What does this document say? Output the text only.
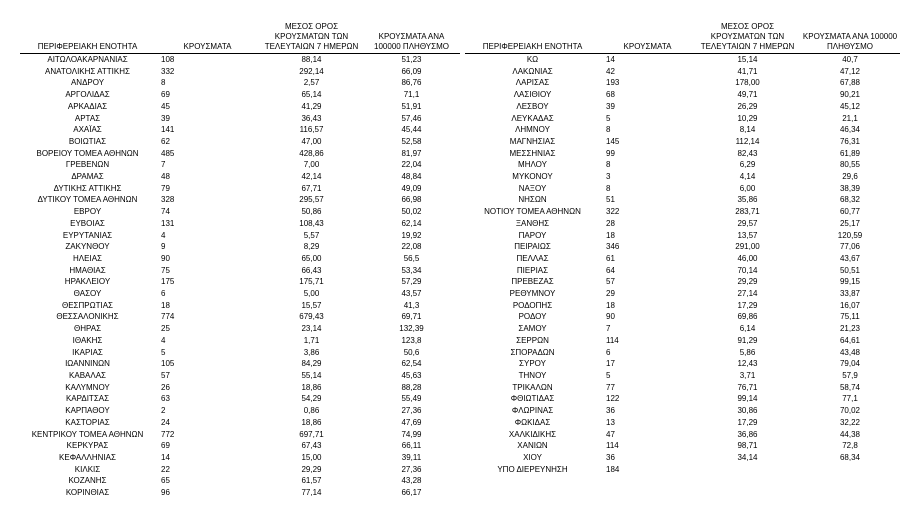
ΠΕΡΙΦΕΡΕΙΑΚΗ ΕΝΟΤΗΤΑ	ΚΡΟΥΣΜΑΤΑ	ΜΕΣΟΣ ΟΡΟΣ ΚΡΟΥΣΜΑΤΩΝ ΤΩΝ ΤΕΛΕΥΤΑΙΩΝ 7 ΗΜΕΡΩΝ	ΚΡΟΥΣΜΑΤΑ ΑΝΑ 100000 ΠΛΗΘΥΣΜΟ
ΑΙΤΩΛΟΑΚΑΡΝΑΝΙΑΣ	108	88,14	51,23
ΑΝΑΤΟΛΙΚΗΣ ΑΤΤΙΚΗΣ	332	292,14	66,09
ΑΝΔΡΟΥ	8	2,57	86,76
ΑΡΓΟΛΙΔΑΣ	69	65,14	71,1
ΑΡΚΑΔΙΑΣ	45	41,29	51,91
ΑΡΤΑΣ	39	36,43	57,46
ΑΧΑΪΑΣ	141	116,57	45,44
ΒΟΙΩΤΙΑΣ	62	47,00	52,58
ΒΟΡΕΙΟΥ ΤΟΜΕΑ ΑΘΗΝΩΝ	485	428,86	81,97
ΓΡΕΒΕΝΩΝ	7	7,00	22,04
ΔΡΑΜΑΣ	48	42,14	48,84
ΔΥΤΙΚΗΣ ΑΤΤΙΚΗΣ	79	67,71	49,09
ΔΥΤΙΚΟΥ ΤΟΜΕΑ ΑΘΗΝΩΝ	328	295,57	66,98
ΕΒΡΟΥ	74	50,86	50,02
ΕΥΒΟΙΑΣ	131	108,43	62,14
ΕΥΡΥΤΑΝΙΑΣ	4	5,57	19,92
ΖΑΚΥΝΘΟΥ	9	8,29	22,08
ΗΛΕΙΑΣ	90	65,00	56,5
ΗΜΑΘΙΑΣ	75	66,43	53,34
ΗΡΑΚΛΕΙΟΥ	175	175,71	57,29
ΘΑΣΟΥ	6	5,00	43,57
ΘΕΣΠΡΩΤΙΑΣ	18	15,57	41,3
ΘΕΣΣΑΛΟΝΙΚΗΣ	774	679,43	69,71
ΘΗΡΑΣ	25	23,14	132,39
ΙΘΑΚΗΣ	4	1,71	123,8
ΙΚΑΡΙΑΣ	5	3,86	50,6
ΙΩΑΝΝΙΝΩΝ	105	84,29	62,54
ΚΑΒΑΛΑΣ	57	55,14	45,63
ΚΑΛΥΜΝΟΥ	26	18,86	88,28
ΚΑΡΔΙΤΣΑΣ	63	54,29	55,49
ΚΑΡΠΑΘΟΥ	2	0,86	27,36
ΚΑΣΤΟΡΙΑΣ	24	18,86	47,69
ΚΕΝΤΡΙΚΟΥ ΤΟΜΕΑ ΑΘΗΝΩΝ	772	697,71	74,99
ΚΕΡΚΥΡΑΣ	69	67,43	66,11
ΚΕΦΑΛΛΗΝΙΑΣ	14	15,00	39,11
ΚΙΛΚΙΣ	22	29,29	27,36
ΚΟΖΑΝΗΣ	65	61,57	43,28
ΚΟΡΙΝΘΙΑΣ	96	77,14	66,17
ΠΕΡΙΦΕΡΕΙΑΚΗ ΕΝΟΤΗΤΑ	ΚΡΟΥΣΜΑΤΑ	ΜΕΣΟΣ ΟΡΟΣ ΚΡΟΥΣΜΑΤΩΝ ΤΩΝ ΤΕΛΕΥΤΑΙΩΝ 7 ΗΜΕΡΩΝ	ΚΡΟΥΣΜΑΤΑ ΑΝΑ 100000 ΠΛΗΘΥΣΜΟ
ΚΩ	14	15,14	40,7
ΛΑΚΩΝΙΑΣ	42	41,71	47,12
ΛΑΡΙΣΑΣ	193	178,00	67,88
ΛΑΣΙΘΙΟΥ	68	49,71	90,21
ΛΕΣΒΟΥ	39	26,29	45,12
ΛΕΥΚΑΔΑΣ	5	10,29	21,1
ΛΗΜΝΟΥ	8	8,14	46,34
ΜΑΓΝΗΣΙΑΣ	145	112,14	76,31
ΜΕΣΣΗΝΙΑΣ	99	82,43	61,89
ΜΗΛΟΥ	8	6,29	80,55
ΜΥΚΟΝΟΥ	3	4,14	29,6
ΝΑΞΟΥ	8	6,00	38,39
ΝΗΣΩΝ	51	35,86	68,32
ΝΟΤΙΟΥ ΤΟΜΕΑ ΑΘΗΝΩΝ	322	283,71	60,77
ΞΑΝΘΗΣ	28	29,57	25,17
ΠΑΡΟΥ	18	13,57	120,59
ΠΕΙΡΑΙΩΣ	346	291,00	77,06
ΠΕΛΛΑΣ	61	46,00	43,67
ΠΙΕΡΙΑΣ	64	70,14	50,51
ΠΡΕΒΕΖΑΣ	57	29,29	99,15
ΡΕΘΥΜΝΟΥ	29	27,14	33,87
ΡΟΔΟΠΗΣ	18	17,29	16,07
ΡΟΔΟΥ	90	69,86	75,11
ΣΑΜΟΥ	7	6,14	21,23
ΣΕΡΡΩΝ	114	91,29	64,61
ΣΠΟΡΑΔΩΝ	6	5,86	43,48
ΣΥΡΟΥ	17	12,43	79,04
ΤΗΝΟΥ	5	3,71	57,9
ΤΡΙΚΑΛΩΝ	77	76,71	58,74
ΦΘΙΩΤΙΔΑΣ	122	99,14	77,1
ΦΛΩΡΙΝΑΣ	36	30,86	70,02
ΦΩΚΙΔΑΣ	13	17,29	32,22
ΧΑΛΚΙΔΙΚΗΣ	47	36,86	44,38
ΧΑΝΙΩΝ	114	98,71	72,8
ΧΙΟΥ	36	34,14	68,34
ΥΠΟ ΔΙΕΡΕΥΝΗΣΗ	184		
